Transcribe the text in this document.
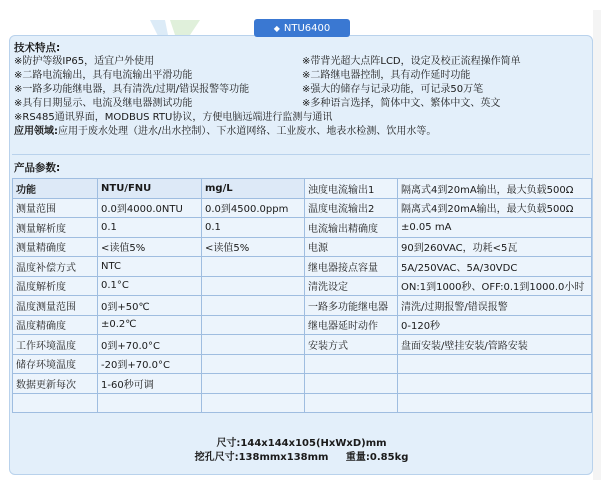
◆ NTU6400
技术特点:
※防护等级IP65，适宜户外使用	※带背光超大点阵LCD，设定及校正流程操作简单
※二路电流输出，具有电流输出平滑功能	※二路继电器控制，具有动作延时功能
※一路多功能继电器，具有清洗/过期/错误报警等功能	※强大的储存与记录功能，可记录50万笔
※具有日期显示、电流及继电器测试功能	※多种语言选择，简体中文、繁体中文、英文
※RS485通讯界面，MODBUS RTU协议，方便电脑远端进行监测与通讯
应用领域: 应用于废水处理（进水/出水控制）、下水道网络、工业废水、地表水检测、饮用水等。
产品参数:
功能	NTU/FNU	mg/L	浊度电流输出1	隔离式4到20mA输出，最大负载500Ω
测量范围	0.0到4000.0NTU	0.0到4500.0ppm	温度电流输出2	隔离式4到20mA输出，最大负载500Ω
测量解析度	0.1	0.1	电流输出精确度	±0.05 mA
测量精确度	<读值5%	<读值5%	电源	90到260VAC，功耗<5瓦
温度补偿方式	NTC		继电器接点容量	5A/250VAC、5A/30VDC
温度解析度	0.1°C		清洗设定	ON:1到1000秒、OFF:0.1到1000.0小时
温度测量范围	0到+50℃		一路多功能继电器	清洗/过期报警/错误报警
温度精确度	±0.2℃		继电器延时动作	0-120秒
工作环境温度	0到+70.0°C		安装方式	盘面安装/壁挂安装/管路安装
储存环境温度	-20到+70.0°C			
数据更新每次	1-60秒可调			

尺寸:144x144x105(HxWxD)mm
挖孔尺寸:138mmx138mm 重量:0.85kg
